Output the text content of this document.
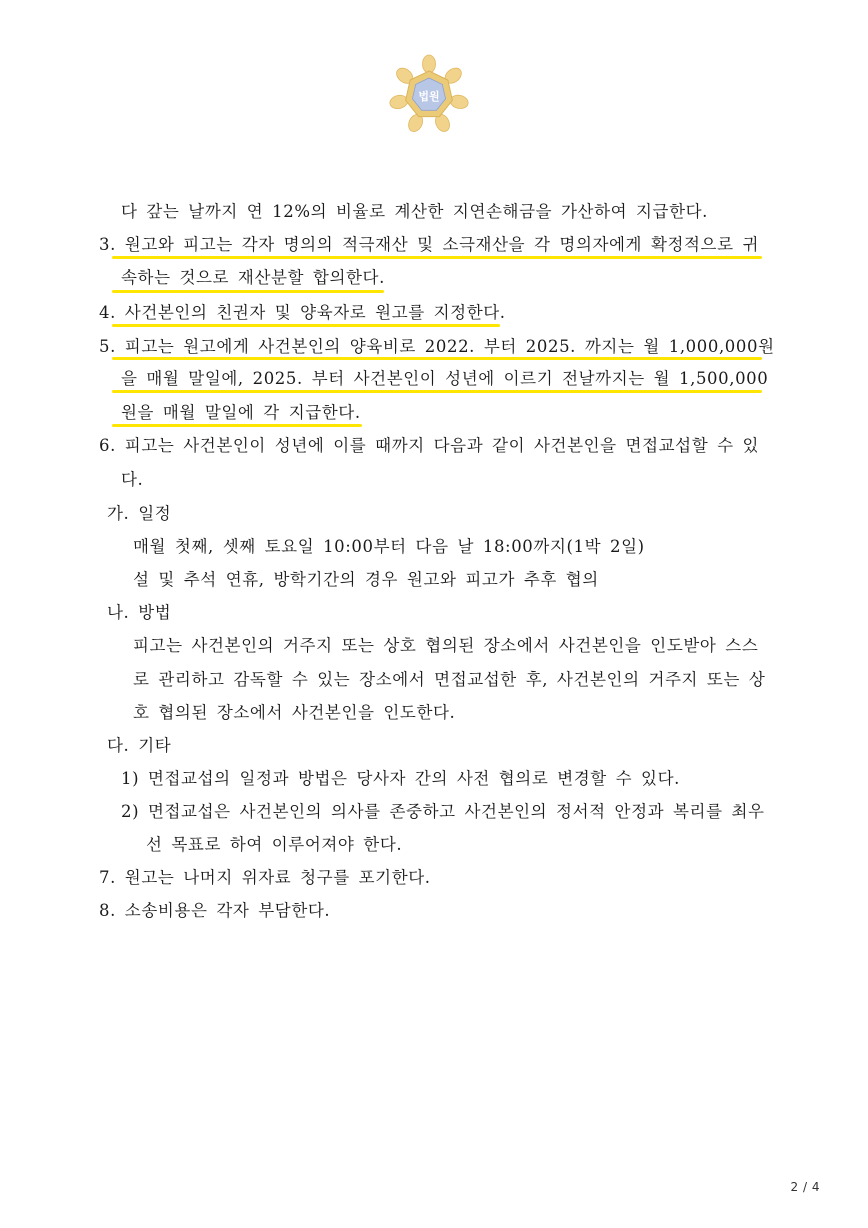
법원
다 갚는 날까지 연 12%의 비율로 계산한 지연손해금을 가산하여 지급한다.
3. 원고와 피고는 각자 명의의 적극재산 및 소극재산을 각 명의자에게 확정적으로 귀
속하는 것으로 재산분할 합의한다.
4. 사건본인의 친권자 및 양육자로 원고를 지정한다.
5. 피고는 원고에게 사건본인의 양육비로 2022. 부터 2025. 까지는 월 1,000,000원
을 매월 말일에, 2025. 부터 사건본인이 성년에 이르기 전날까지는 월 1,500,000
원을 매월 말일에 각 지급한다.
6. 피고는 사건본인이 성년에 이를 때까지 다음과 같이 사건본인을 면접교섭할 수 있
다.
가. 일정
매월 첫째, 셋째 토요일 10:00부터 다음 날 18:00까지(1박 2일)
설 및 추석 연휴, 방학기간의 경우 원고와 피고가 추후 협의
나. 방법
피고는 사건본인의 거주지 또는 상호 협의된 장소에서 사건본인을 인도받아 스스
로 관리하고 감독할 수 있는 장소에서 면접교섭한 후, 사건본인의 거주지 또는 상
호 협의된 장소에서 사건본인을 인도한다.
다. 기타
1) 면접교섭의 일정과 방법은 당사자 간의 사전 협의로 변경할 수 있다.
2) 면접교섭은 사건본인의 의사를 존중하고 사건본인의 정서적 안정과 복리를 최우
선 목표로 하여 이루어져야 한다.
7. 원고는 나머지 위자료 청구를 포기한다.
8. 소송비용은 각자 부담한다.
2 / 4
